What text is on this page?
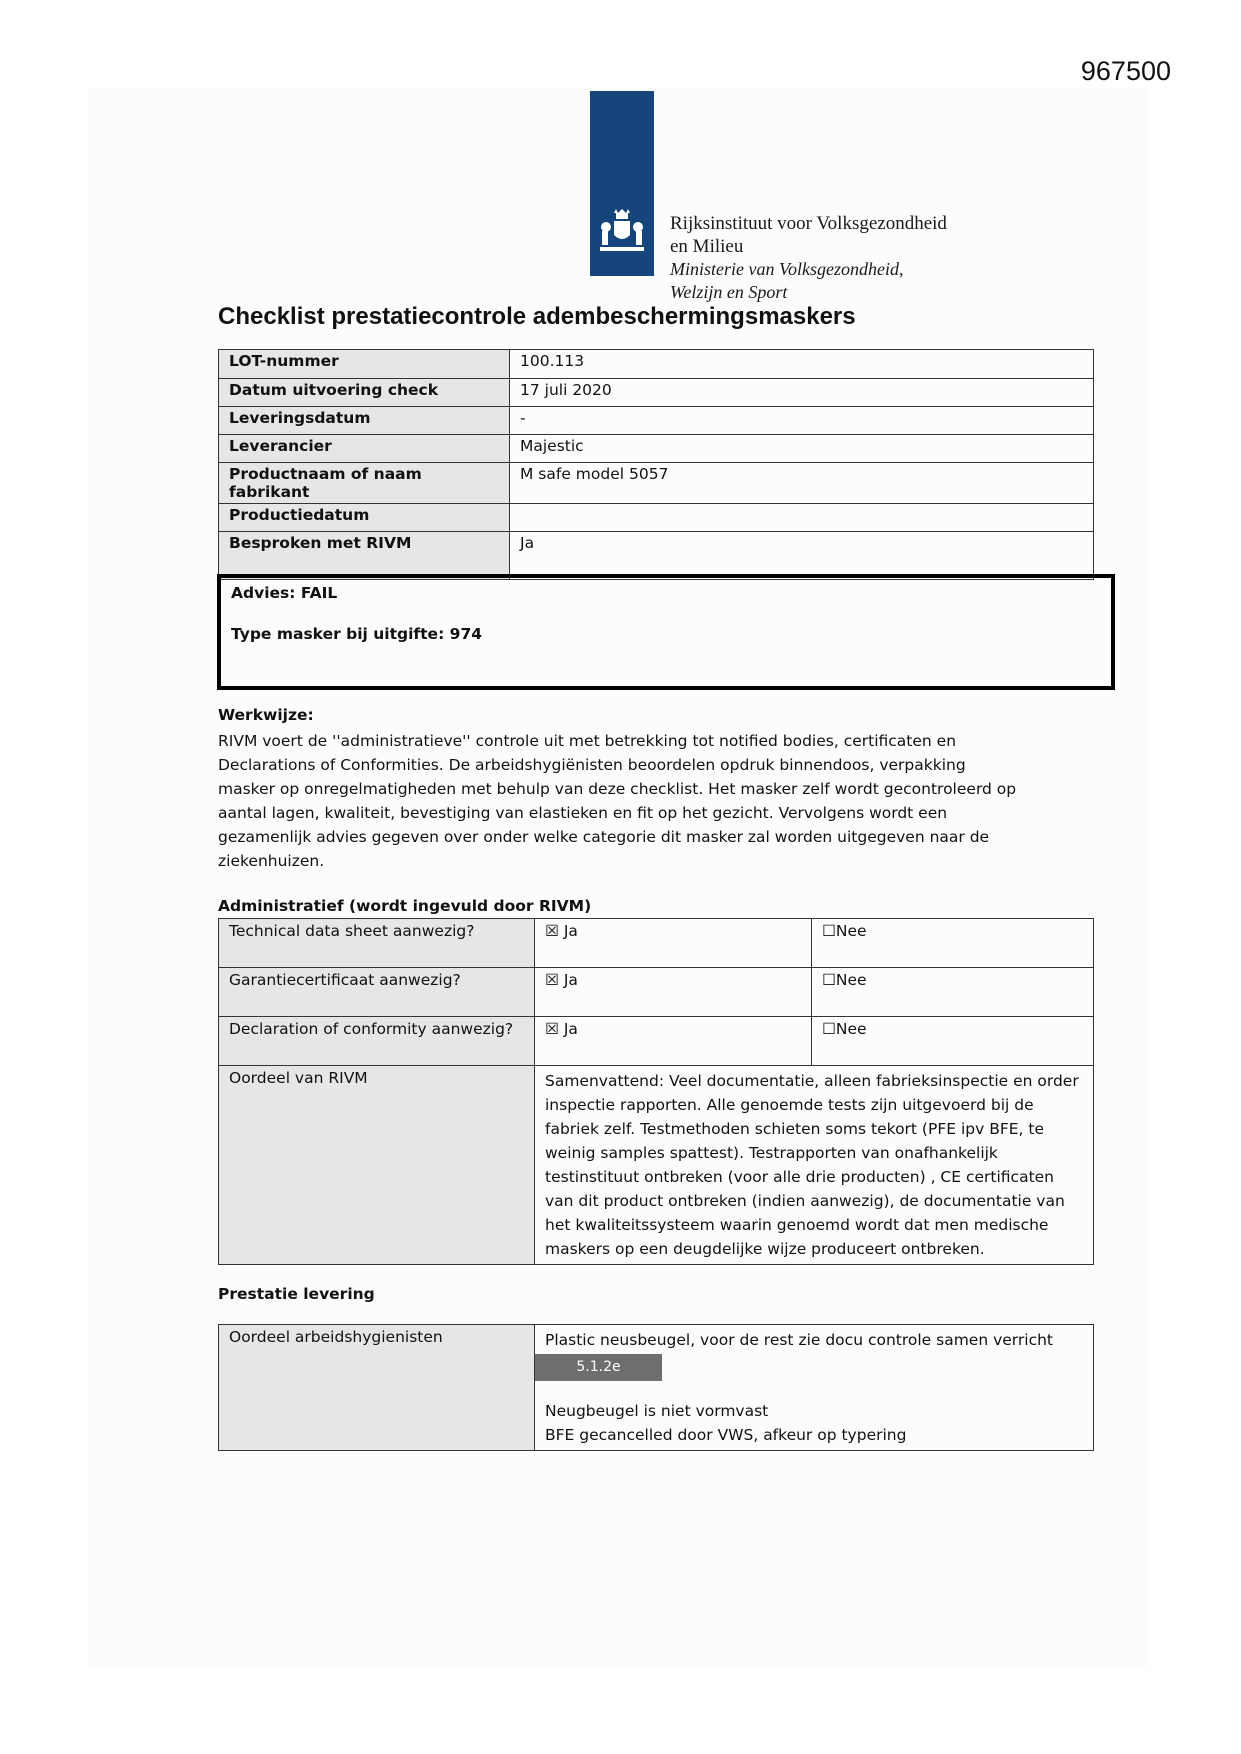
967500
Rijksinstituut voor Volksgezondheid
en Milieu
Ministerie van Volksgezondheid,
Welzijn en Sport
Checklist prestatiecontrole adembeschermingsmaskers
LOT-nummer	100.113
Datum uitvoering check	17 juli 2020
Leveringsdatum	-
Leverancier	Majestic
Productnaam of naam fabrikant	M safe model 5057
Productiedatum	
Besproken met RIVM	Ja
Advies: FAIL
Type masker bij uitgifte: 974
Werkwijze:
RIVM voert de ''administratieve'' controle uit met betrekking tot notified bodies, certificaten en Declarations of Conformities. De arbeidshygiënisten beoordelen opdruk binnendoos, verpakking masker op onregelmatigheden met behulp van deze checklist. Het masker zelf wordt gecontroleerd op aantal lagen, kwaliteit, bevestiging van elastieken en fit op het gezicht. Vervolgens wordt een gezamenlijk advies gegeven over onder welke categorie dit masker zal worden uitgegeven naar de ziekenhuizen.
Administratief (wordt ingevuld door RIVM)
Technical data sheet aanwezig?	☒ Ja	☐Nee
Garantiecertificaat aanwezig?	☒ Ja	☐Nee
Declaration of conformity aanwezig?	☒ Ja	☐Nee
Oordeel van RIVM	Samenvattend: Veel documentatie, alleen fabrieksinspectie en order inspectie rapporten. Alle genoemde tests zijn uitgevoerd bij de fabriek zelf. Testmethoden schieten soms tekort (PFE ipv BFE, te weinig samples spattest). Testrapporten van onafhankelijk testinstituut ontbreken (voor alle drie producten) , CE certificaten van dit product ontbreken (indien aanwezig), de documentatie van het kwaliteitssysteem waarin genoemd wordt dat men medische maskers op een deugdelijke wijze produceert ontbreken.	
Prestatie levering
Oordeel arbeidshygienisten	Plastic neusbeugel, voor de rest zie docu controle samen verricht
5.1.2e
Neugbeugel is niet vormvast
BFE gecancelled door VWS, afkeur op typering
